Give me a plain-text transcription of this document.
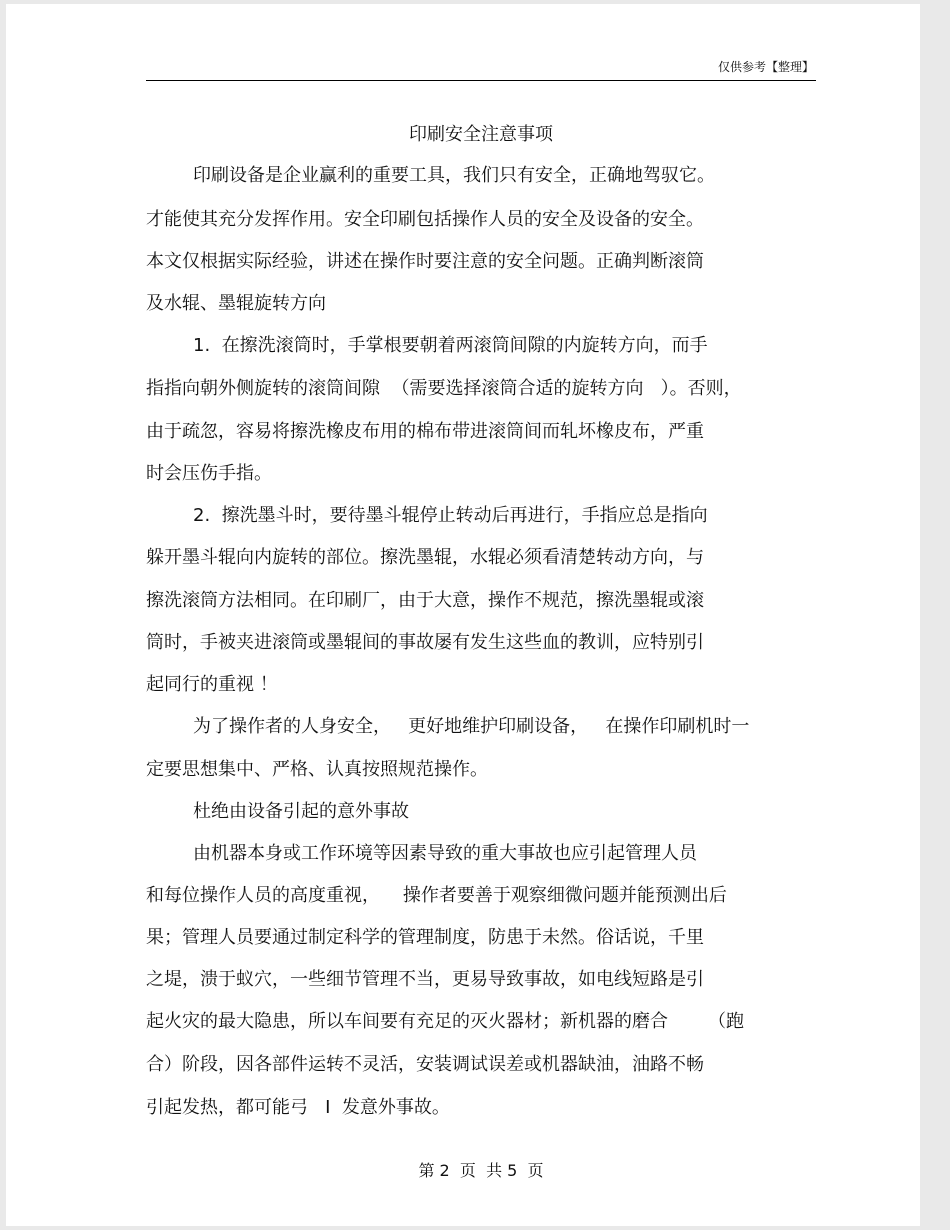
仅供参考【整理】
印刷安全注意事项
印刷设备是企业赢利的重要工具，我们只有安全，正确地驾驭它。
才能使其充分发挥作用。安全印刷包括操作人员的安全及设备的安全。
本文仅根据实际经验，讲述在操作时要注意的安全问题。正确判断滚筒
及水辊、墨辊旋转方向
1.  在擦洗滚筒时，手掌根要朝着两滚筒间隙的内旋转方向，而手
指指向朝外侧旋转的滚筒间隙  （需要选择滚筒合适的旋转方向   ）。否则，
由于疏忽，容易将擦洗橡皮布用的棉布带进滚筒间而轧坏橡皮布，严重
时会压伤手指。
2.  擦洗墨斗时，要待墨斗辊停止转动后再进行，手指应总是指向
躲开墨斗辊向内旋转的部位。擦洗墨辊，水辊必须看清楚转动方向，与
擦洗滚筒方法相同。在印刷厂，由于大意，操作不规范，擦洗墨辊或滚
筒时，手被夹进滚筒或墨辊间的事故屡有发生这些血的教训，应特别引
起同行的重视 ！
为了操作者的人身安全，   更好地维护印刷设备，   在操作印刷机时一
定要思想集中、严格、认真按照规范操作。
杜绝由设备引起的意外事故
由机器本身或工作环境等因素导致的重大事故也应引起管理人员
和每位操作人员的高度重视，    操作者要善于观察细微问题并能预测出后
果；管理人员要通过制定科学的管理制度，防患于未然。俗话说，千里
之堤，溃于蚁穴，一些细节管理不当，更易导致事故，如电线短路是引
起火灾的最大隐患，所以车间要有充足的灭火器材；新机器的磨合       （跑
合）阶段，因各部件运转不灵活，安装调试误差或机器缺油，油路不畅
引起发热，都可能弓   I  发意外事故。
第 2  页  共 5  页
